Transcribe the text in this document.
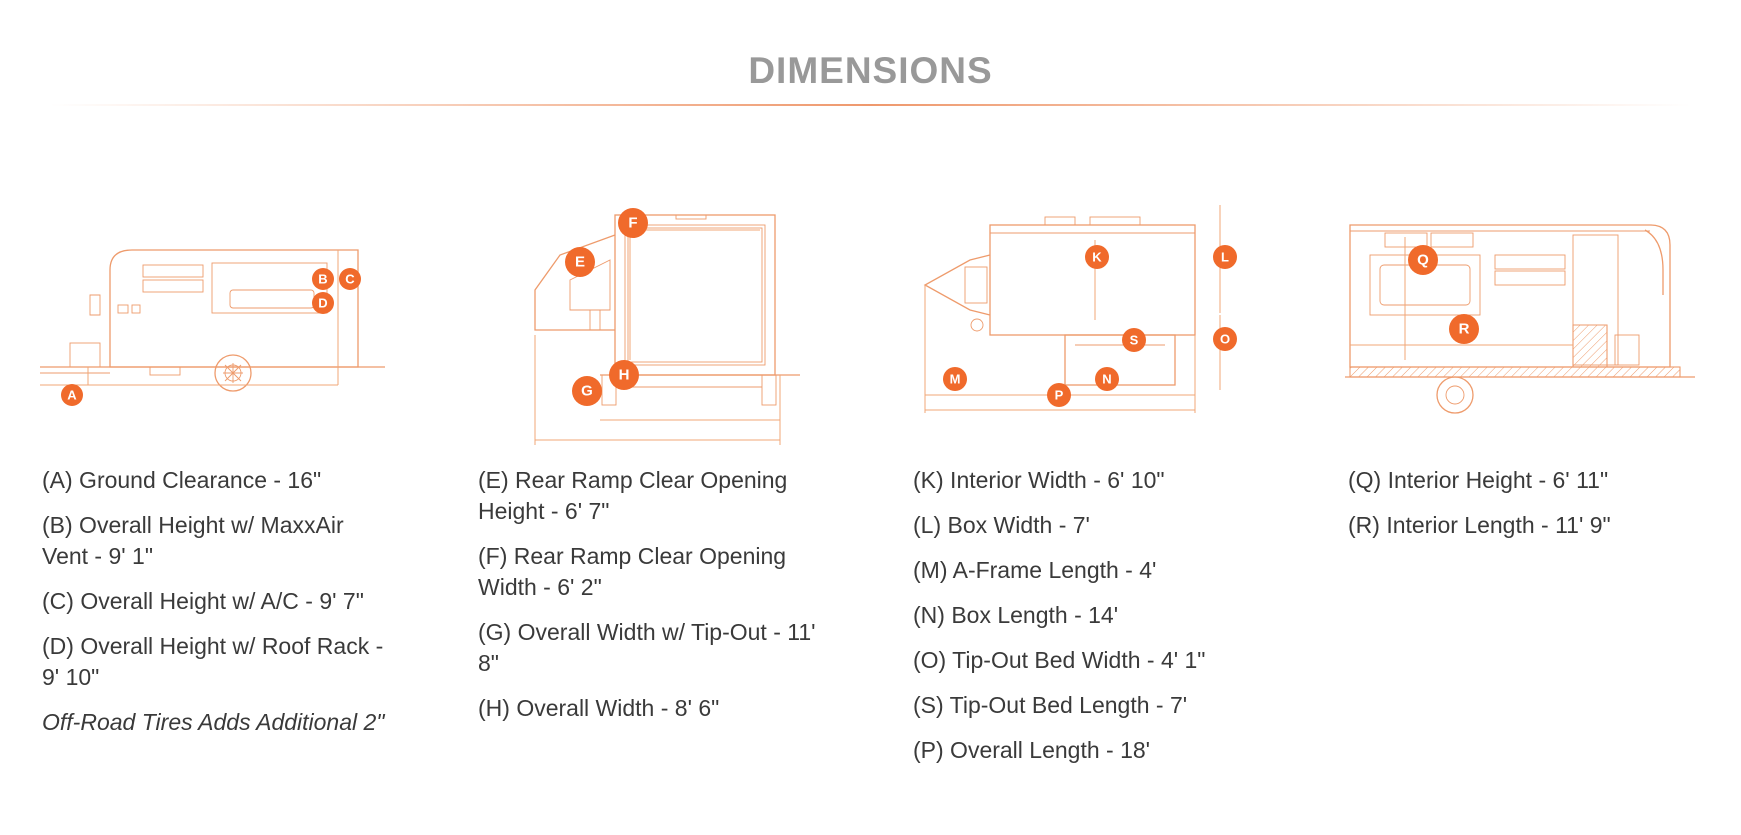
DIMENSIONS
A
B C
D
E
F
G
H
K	L
M	N
O
S
P
Q
R
(A) Ground Clearance - 16"
(B) Overall Height w/ MaxxAir Vent - 9' 1"
(C) Overall Height w/ A/C - 9' 7"
(D) Overall Height w/ Roof Rack - 9' 10"
Off-Road Tires Adds Additional 2"
(E) Rear Ramp Clear Opening Height - 6' 7"
(F) Rear Ramp Clear Opening Width - 6' 2"
(G) Overall Width w/ Tip-Out - 11' 8"
(H) Overall Width - 8' 6"
(K) Interior Width - 6' 10"
(L) Box Width - 7'
(M) A-Frame Length - 4'
(N) Box Length - 14'
(O) Tip-Out Bed Width - 4' 1"
(S) Tip-Out Bed Length - 7'
(P) Overall Length - 18'
(Q) Interior Height - 6' 11"
(R) Interior Length - 11' 9"
